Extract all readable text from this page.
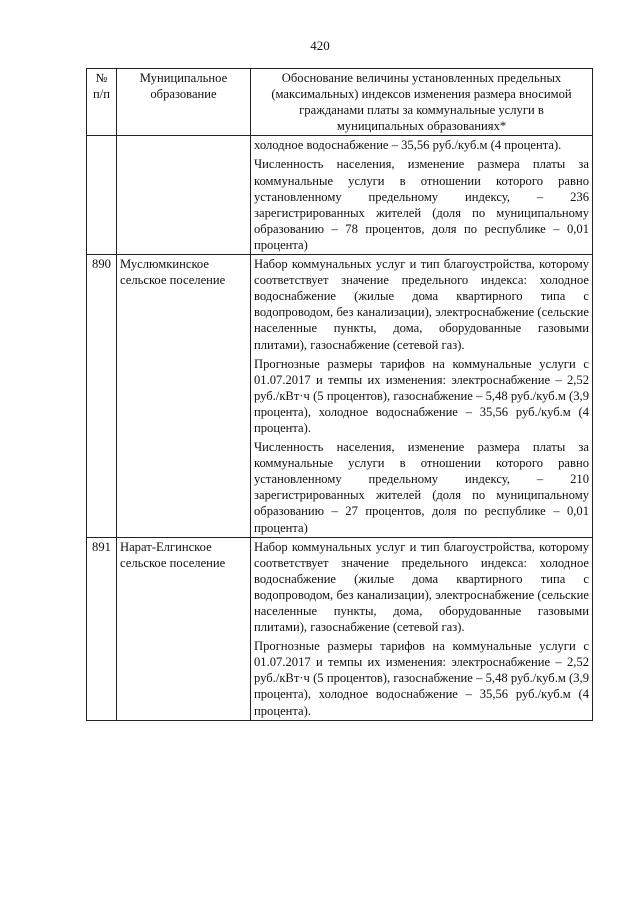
420
№ п/п	Муниципальное образование	Обоснование величины установленных предельных (максимальных) индексов изменения размера вносимой гражданами платы за коммунальные услуги в муниципальных образованиях*

		холодное водоснабжение – 35,56 руб./куб.м (4 процента).

Численность населения, изменение размера платы за коммунальные услуги в отношении которого равно установленному предельному индексу, – 236 зарегистрированных жителей (доля по муниципальному образованию – 78 процентов, доля по республике – 0,01 процента)

890	Муслюмкинское сельское поселение	Набор коммунальных услуг и тип благоустройства, которому соответствует значение предельного индекса: холодное водоснабжение (жилые дома квартирного типа с водопроводом, без канализации), электроснабжение (сельские населенные пункты, дома, оборудованные газовыми плитами), газоснабжение (сетевой газ).

Прогнозные размеры тарифов на коммунальные услуги с 01.07.2017 и темпы их изменения: электроснабжение – 2,52 руб./кВт·ч (5 процентов), газоснабжение – 5,48 руб./куб.м (3,9 процента), холодное водоснабжение – 35,56 руб./куб.м (4 процента).

Численность населения, изменение размера платы за коммунальные услуги в отношении которого равно установленному предельному индексу, – 210 зарегистрированных жителей (доля по муниципальному образованию – 27 процентов, доля по республике – 0,01 процента)

891	Нарат-Елгинское сельское поселение	Набор коммунальных услуг и тип благоустройства, которому соответствует значение предельного индекса: холодное водоснабжение (жилые дома квартирного типа с водопроводом, без канализации), электроснабжение (сельские населенные пункты, дома, оборудованные газовыми плитами), газоснабжение (сетевой газ).

Прогнозные размеры тарифов на коммунальные услуги с 01.07.2017 и темпы их изменения: электроснабжение – 2,52 руб./кВт·ч (5 процентов), газоснабжение – 5,48 руб./куб.м (3,9 процента), холодное водоснабжение – 35,56 руб./куб.м (4 процента).
